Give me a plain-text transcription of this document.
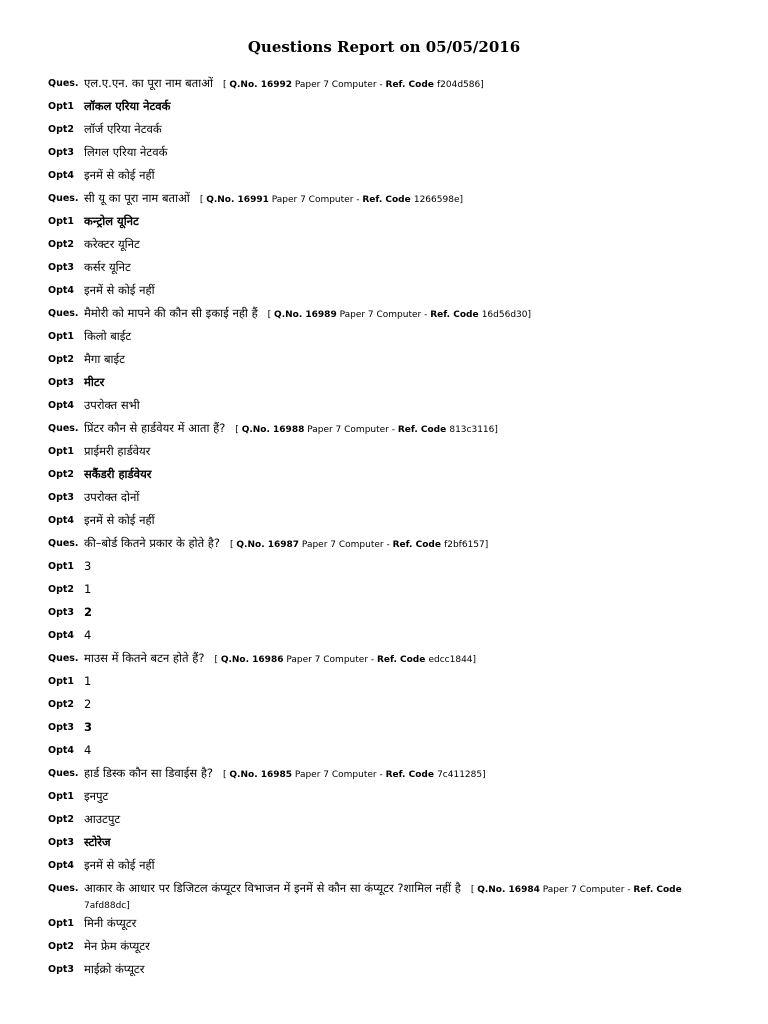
Questions Report on 05/05/2016
Ques. एल.ए.एन. का पूरा नाम बताओं [ Q.No. 16992 Paper 7 Computer - Ref. Code f204d586]
Opt1 लॉकल एरिया नेटवर्क
Opt2 लॉर्ज एरिया नेटवर्क
Opt3 लिगल एरिया नेटवर्क
Opt4 इनमें से कोई नहीं
Ques. सी यू का पूरा नाम बताओं [ Q.No. 16991 Paper 7 Computer - Ref. Code 1266598e]
Opt1 कन्ट्रोल यूनिट
Opt2 करेक्टर यूनिट
Opt3 कर्सर यूनिट
Opt4 इनमें से कोई नहीं
Ques. मैमोरी को मापने की कौन सी इकाई नही हैं [ Q.No. 16989 Paper 7 Computer - Ref. Code 16d56d30]
Opt1 किलो बाईट
Opt2 मैगा बाईट
Opt3 मीटर
Opt4 उपरोक्त सभी
Ques. प्रिंटर कौन से हार्डवेयर में आता हैं? [ Q.No. 16988 Paper 7 Computer - Ref. Code 813c3116]
Opt1 प्राईमरी हार्डवेयर
Opt2 सकैंडरी हार्डवेयर
Opt3 उपरोक्त दोनों
Opt4 इनमें से कोई नहीं
Ques. की–बोर्ड कितने प्रकार के होते है? [ Q.No. 16987 Paper 7 Computer - Ref. Code f2bf6157]
Opt1 3
Opt2 1
Opt3 2
Opt4 4
Ques. माउस में कितने बटन होते हैं? [ Q.No. 16986 Paper 7 Computer - Ref. Code edcc1844]
Opt1 1
Opt2 2
Opt3 3
Opt4 4
Ques. हार्ड डिस्क कौन सा डिवाईस है? [ Q.No. 16985 Paper 7 Computer - Ref. Code 7c411285]
Opt1 इनपुट
Opt2 आउटपुट
Opt3 स्टोरेज
Opt4 इनमें से कोई नहीं
Ques. आकार के आधार पर डिजिटल कंप्यूटर विभाजन में इनमें से कौन सा कंप्यूटर ?शामिल नहीं है [ Q.No. 16984 Paper 7 Computer - Ref. Code 7afd88dc]
Opt1 मिनी कंप्यूटर
Opt2 मेन फ्रेम कंप्यूटर
Opt3 माईक्रो कंप्यूटर
